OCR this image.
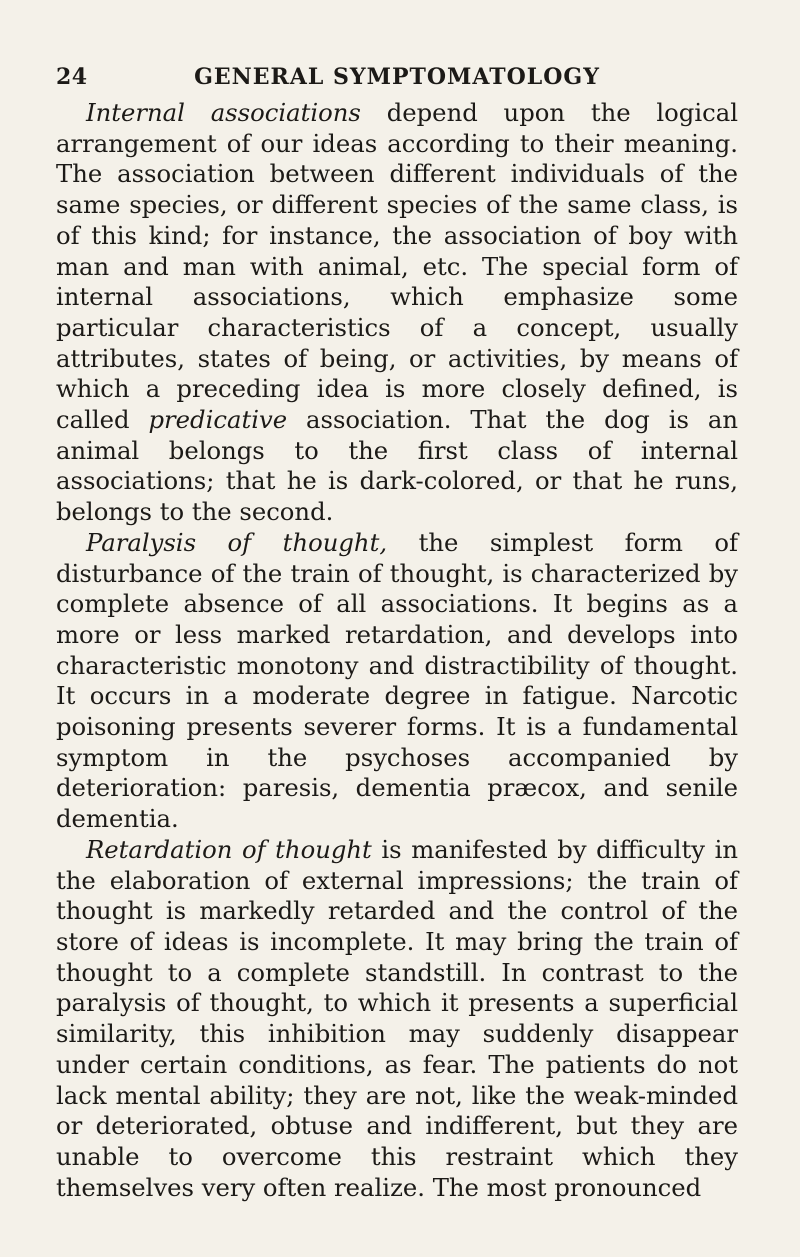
24	GENERAL SYMPTOMATOLOGY

Internal associations depend upon the logical arrangement of our ideas according to their meaning. The association between different individuals of the same species, or different species of the same class, is of this kind; for instance, the association of boy with man and man with animal, etc. The special form of internal associations, which emphasize some particular characteristics of a concept, usually attributes, states of being, or activities, by means of which a preceding idea is more closely defined, is called predicative association. That the dog is an animal belongs to the first class of internal associations; that he is dark-colored, or that he runs, belongs to the second.

Paralysis of thought, the simplest form of disturbance of the train of thought, is characterized by complete absence of all associations. It begins as a more or less marked retardation, and develops into characteristic monotony and distractibility of thought. It occurs in a moderate degree in fatigue. Narcotic poisoning presents severer forms. It is a fundamental symptom in the psychoses accompanied by deterioration: paresis, dementia præcox, and senile dementia.

Retardation of thought is manifested by difficulty in the elaboration of external impressions; the train of thought is markedly retarded and the control of the store of ideas is incomplete. It may bring the train of thought to a complete standstill. In contrast to the paralysis of thought, to which it presents a superficial similarity, this inhibition may suddenly disappear under certain conditions, as fear. The patients do not lack mental ability; they are not, like the weak-minded or deteriorated, obtuse and indifferent, but they are unable to overcome this restraint which they themselves very often realize. The most pronounced
